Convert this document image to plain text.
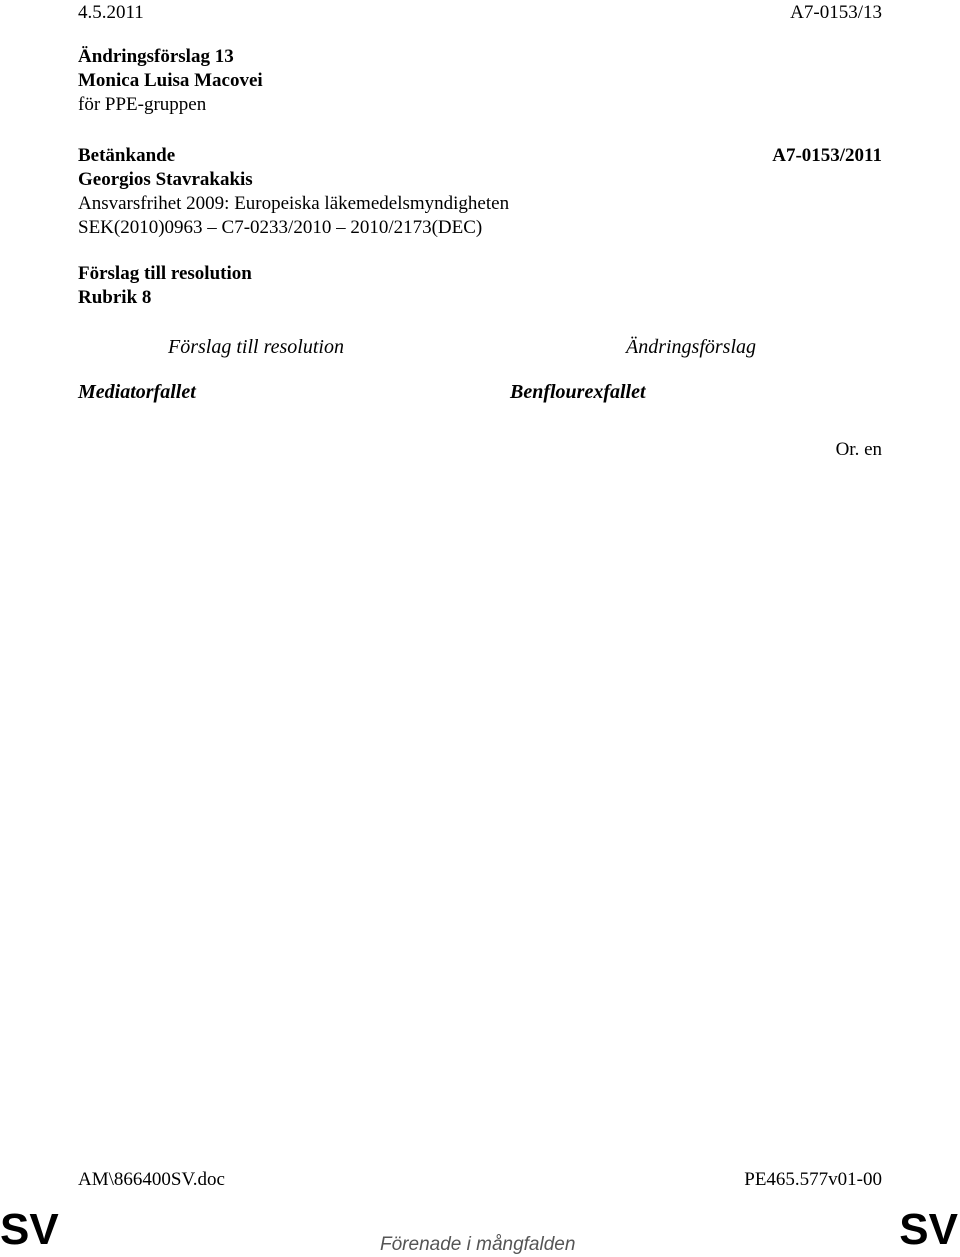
4.5.2011	A7-0153/13
Ändringsförslag 13
Monica Luisa Macovei
för PPE-gruppen
Betänkande	A7-0153/2011
Georgios Stavrakakis
Ansvarsfrihet 2009: Europeiska läkemedelsmyndigheten
SEK(2010)0963 – C7-0233/2010 – 2010/2173(DEC)
Förslag till resolution
Rubrik 8
Förslag till resolution	Ändringsförslag
Mediatorfallet	Benflourexfallet
Or. en
AM\866400SV.doc	PE465.577v01-00
SV	SV
Förenade i mångfalden
